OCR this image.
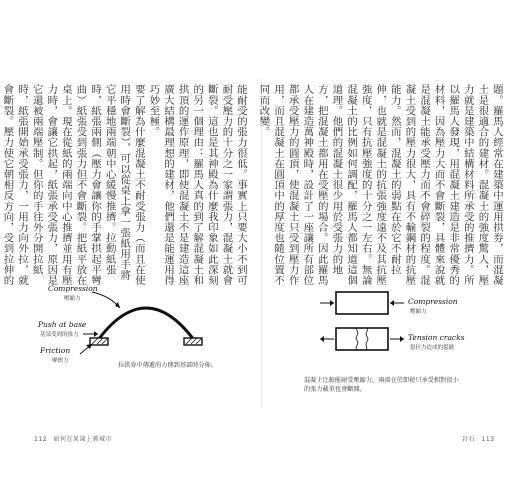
能耐受的張力很低。事實上只要大小不到可耐受壓力的十分之一家謂張力，混凝土就會斷裂。這也是其神殿為什麼我印象如此深刻的另一個理由：羅馬人真的到了解混凝土和拱頂的運作原理，即使混凝土不是建造這座廣大結構最理想的建材，他們還是能運用得巧妙至極。

要了解為什麼混凝土不耐受張力（而且在使用時會斷裂），可以從桌上拿一張紙用手將它平穩地兩端朝中心緩慢推擠。拉動紙張時，紙張兩側（壓力會讓你的手掌拱起平彎曲）紙張受到張力但不會斷裂。把紙平放在桌上。現在從紙的兩端向中心推擠並用有壓力時，會讓它拱起，紙張承受張力，原因是它還被兩端壓制。但你的手往外分開拉紙時，紙張開始承受張力，一用力向外拉，就會斷裂。壓力使它朝相反方向，受到拉伸的

Compression
壓縮力
Push at base
基部受到的推力
Friction
摩擦力
拉拱券中傳遞的力傳到基部時分佈。
112　如何在果凍上蓋城市

題。羅馬人經常在建築中運用拱券，而混凝土是很適合的建材。混凝土的強度驚人，壓力就是建築中結構材料所承受的推擠力。所以羅馬人發現，用混凝土建造是非常優秀的材料，因為壓力大而不會斷裂，具體來說就是混凝土能承受壓力而不會碎裂的程度。混凝土受到的壓力很大，具有不輸鋼材的抗壓能力。然而，混凝土的弱點在於它不耐拉伸，也就是混凝土的抗張強度遠不及其抗壓強度，只有抗壓強度的十分之一左右。無論混凝土的比例如何調配，羅馬人都知道這個道理。他們的混凝土很少用於受張力的地方，把混凝土都用在受壓的場合。因此羅馬人在建造萬神殿時，設計了一座讓所有部位都承受壓力的圓頂，使混凝土只受到壓力作用，而且混凝土在圓頂中的厚度也隨位置不同而改變。

Compression
壓縮力
Tension cracks
張拉力造成的裂縫
混凝土比較能耐受壓縮力，兩端在於即使只承受相對很小的張力載重也會斷開。
岩石　113
